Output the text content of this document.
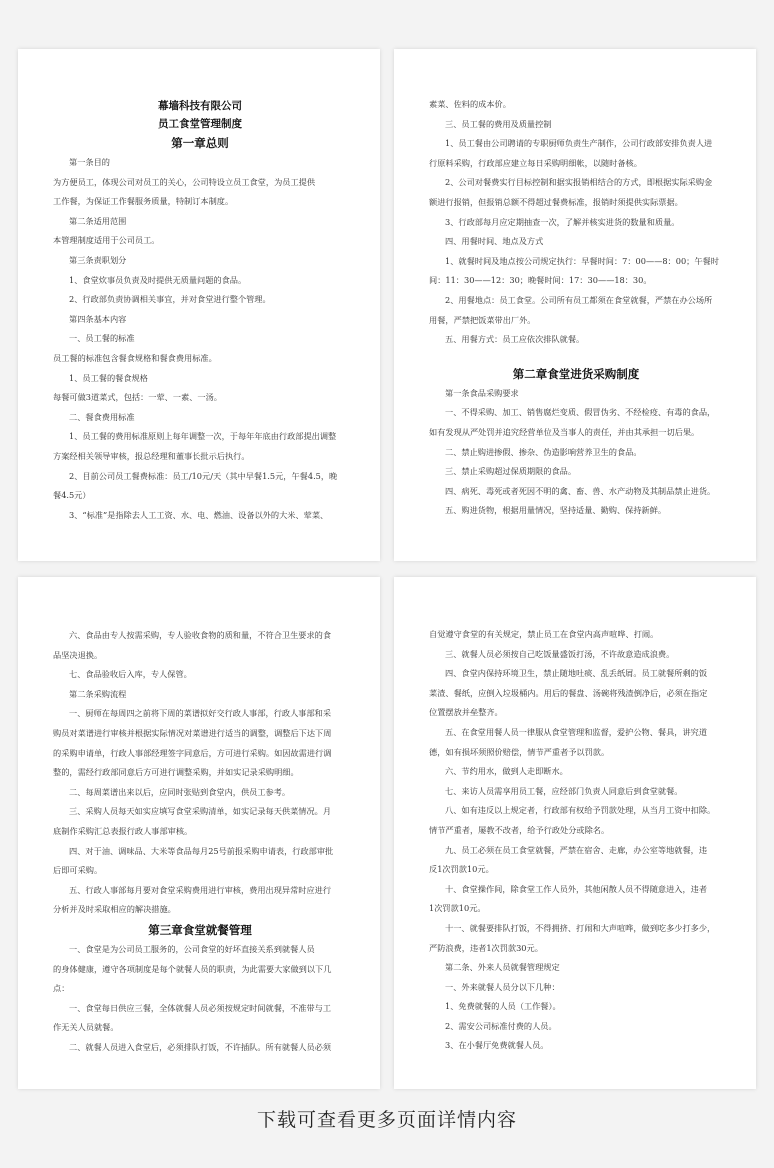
幕墙科技有限公司
员工食堂管理制度
第一章总则
第一条目的
为方便员工，体现公司对员工的关心，公司特设立员工食堂，为员工提供
工作餐，为保证工作餐服务质量，特制订本制度。
第二条适用范围
本管理制度适用于公司员工。
第三条责职划分
1、食堂炊事员负责及时提供无质量问题的食品。
2、行政部负责协调相关事宜，并对食堂进行整个管理。
第四条基本内容
一、员工餐的标准
员工餐的标准包含餐食规格和餐食费用标准。
1、员工餐的餐食规格
每餐可做3道菜式，包括：一荤、一素、一汤。
二、餐食费用标准
1、员工餐的费用标准原则上每年调整一次，于每年年底由行政部提出调整
方案经相关领导审核，报总经理和董事长批示后执行。
2、目前公司员工餐费标准：员工/10元/天（其中早餐1.5元，午餐4.5，晚
餐4.5元）
3、“标准”是指除去人工工资、水、电、燃油、设备以外的大米、荤菜、
素菜、佐料的成本价。
三、员工餐的费用及质量控制
1、员工餐由公司聘请的专职厨师负责生产制作，公司行政部安排负责人进
行原料采购，行政部应建立每日采购明细帐，以随时备核。
2、公司对餐费实行目标控制和据实报销相结合的方式，即根据实际采购金
额进行报销，但报销总额不得超过餐费标准，报销时须提供实际票据。
3、行政部每月应定期抽查一次，了解并核实进货的数量和质量。
四、用餐时间、地点及方式
1、就餐时间及地点按公司规定执行：早餐时间：7：00——8：00；午餐时
间：11：30——12：30；晚餐时间：17：30——18：30。
2、用餐地点：员工食堂。公司所有员工都须在食堂就餐，严禁在办公场所
用餐，严禁把饭菜带出厂外。
五、用餐方式：员工应依次排队就餐。
第二章食堂进货采购制度
第一条食品采购要求
一、不得采购、加工、销售腐烂变质、假冒伪劣、不经检疫、有毒的食品，
如有发现从严处罚并追究经营单位及当事人的责任，并由其承担一切后果。
二、禁止购进掺假、掺杂、伪造影响营养卫生的食品。
三、禁止采购超过保质期限的食品。
四、病死、毒死或者死因不明的禽、畜、兽、水产动物及其制品禁止进货。
五、购进货物，根据用量情况，坚持适量、勤购、保持新鲜。
六、食品由专人按需采购，专人验收食物的质和量，不符合卫生要求的食
品坚决退换。
七、食品验收后入库，专人保管。
第二条采购流程
一、厨师在每周四之前将下周的菜谱拟好交行政人事部，行政人事部和采
购员对菜谱进行审核并根据实际情况对菜谱进行适当的调整，调整后下达下周
的采购申请单，行政人事部经理签字同意后，方可进行采购。如因故需进行调
整的，需经行政部同意后方可进行调整采购，并如实记录采购明细。
二、每周菜谱出来以后，应同时张贴到食堂内，供员工参考。
三、采购人员每天如实应填写食堂采购清单，如实记录每天供菜情况。月
底制作采购汇总表报行政人事部审核。
四、对于油、调味品、大米等食品每月25号前报采购申请表，行政部审批
后即可采购。
五、行政人事部每月要对食堂采购费用进行审核，费用出现异常时应进行
分析并及时采取相应的解决措施。
第三章食堂就餐管理
一、食堂是为公司员工服务的，公司食堂的好坏直接关系到就餐人员
的身体健康，遵守各项制度是每个就餐人员的职责，为此需要大家做到以下几
点：
一、食堂每日供应三餐，全体就餐人员必须按规定时间就餐，不准带与工
作无关人员就餐。
二、就餐人员进入食堂后，必须排队打饭，不许插队。所有就餐人员必须
自觉遵守食堂的有关规定，禁止员工在食堂内高声喧哗、打闹。
三、就餐人员必须按自己吃饭量盛饭打汤，不许故意造成浪费。
四、食堂内保持环境卫生，禁止随地吐痰、乱丢纸屑。员工就餐所剩的饭
菜渣、餐纸，应倒入垃圾桶内。用后的餐盘、汤碗将残渣倒净后，必须在指定
位置摆放并垒整齐。
五、在食堂用餐人员一律服从食堂管理和监督，爱护公物、餐具，讲究道
德，如有损坏须照价赔偿，情节严重者予以罚款。
六、节约用水，做到人走即断水。
七、来访人员需享用员工餐，应经部门负责人同意后到食堂就餐。
八、如有违反以上规定者，行政部有权给予罚款处理，从当月工资中扣除。
情节严重者，屡教不改者，给予行政处分或除名。
九、员工必须在员工食堂就餐，严禁在宿舍、走廊，办公室等地就餐，违
反1次罚款10元。
十、食堂操作间，除食堂工作人员外，其他闲散人员不得随意进入，违者
1次罚款10元。
十一、就餐要排队打饭，不得拥挤、打闹和大声喧哗，做到吃多少打多少，
严防浪费，违者1次罚款30元。
第二条、外来人员就餐管理规定
一、外来就餐人员分以下几种：
1、免费就餐的人员（工作餐）。
2、需安公司标准付费的人员。
3、在小餐厅免费就餐人员。
下载可查看更多页面详情内容
